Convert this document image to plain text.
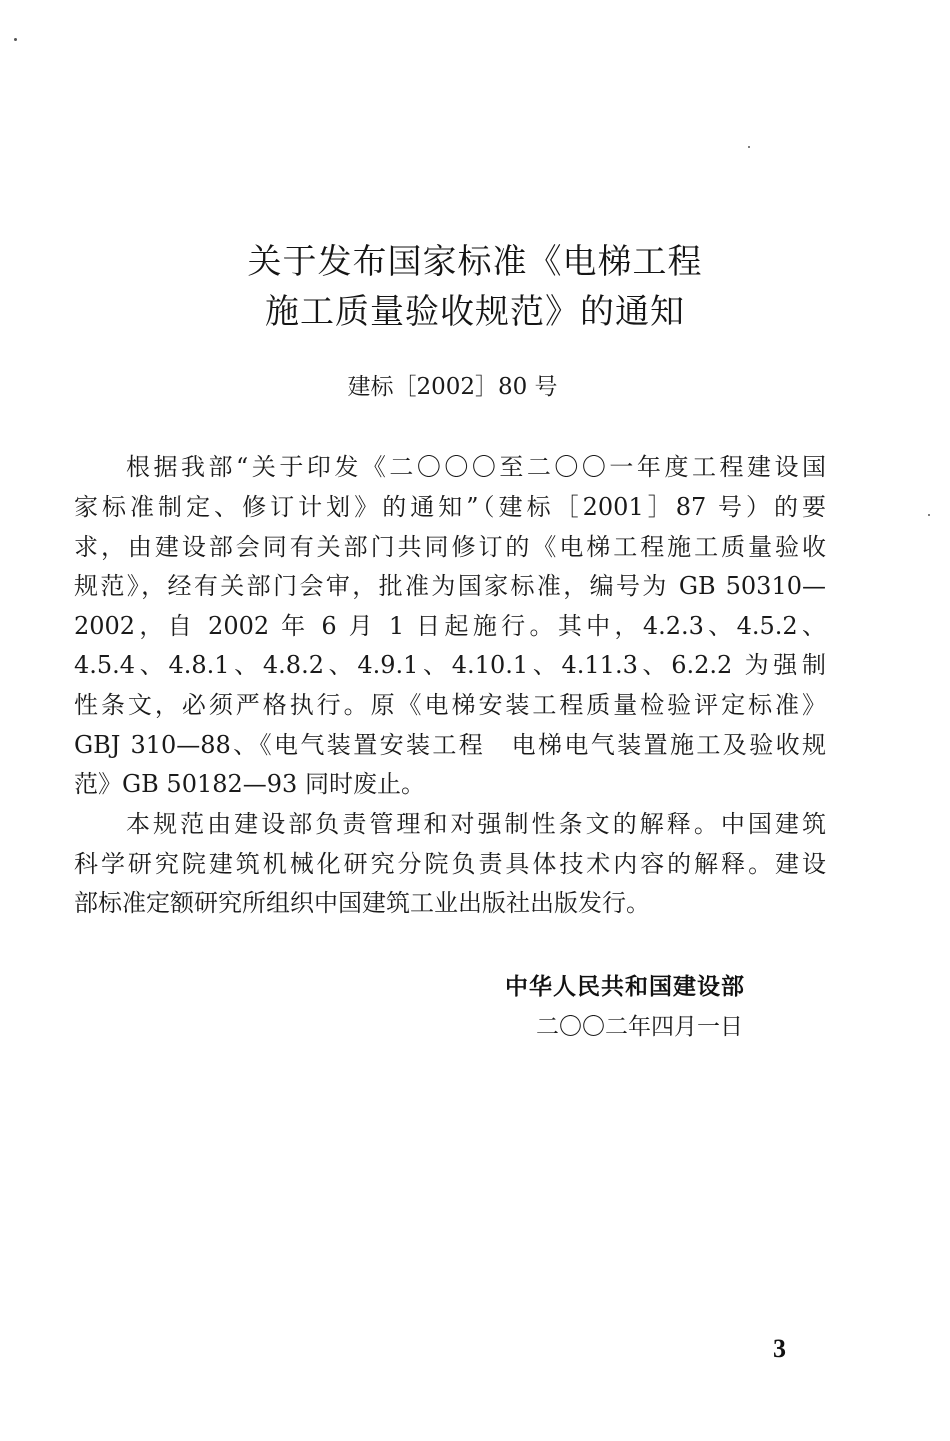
关于发布国家标准《电梯工程
施工质量验收规范》的通知
建标［2002］80 号
根据我部“关于印发《二〇〇〇至二〇〇一年度工程建设国
家标准制定、修订计划》的通知”（建标［2001］87 号）的要
求，由建设部会同有关部门共同修订的《电梯工程施工质量验收
规范》，经有关部门会审，批准为国家标准，编号为 GB 50310—
2002，自 2002 年 6 月 1 日起施行。其中，4.2.3、4.5.2、
4.5.4、4.8.1、4.8.2、4.9.1、4.10.1、4.11.3、6.2.2 为强制
性条文，必须严格执行。原《电梯安装工程质量检验评定标准》
GBJ 310—88、《电气装置安装工程　电梯电气装置施工及验收规
范》GB 50182—93 同时废止。
本规范由建设部负责管理和对强制性条文的解释。中国建筑
科学研究院建筑机械化研究分院负责具体技术内容的解释。建设
部标准定额研究所组织中国建筑工业出版社出版发行。
中华人民共和国建设部
二〇〇二年四月一日
3
